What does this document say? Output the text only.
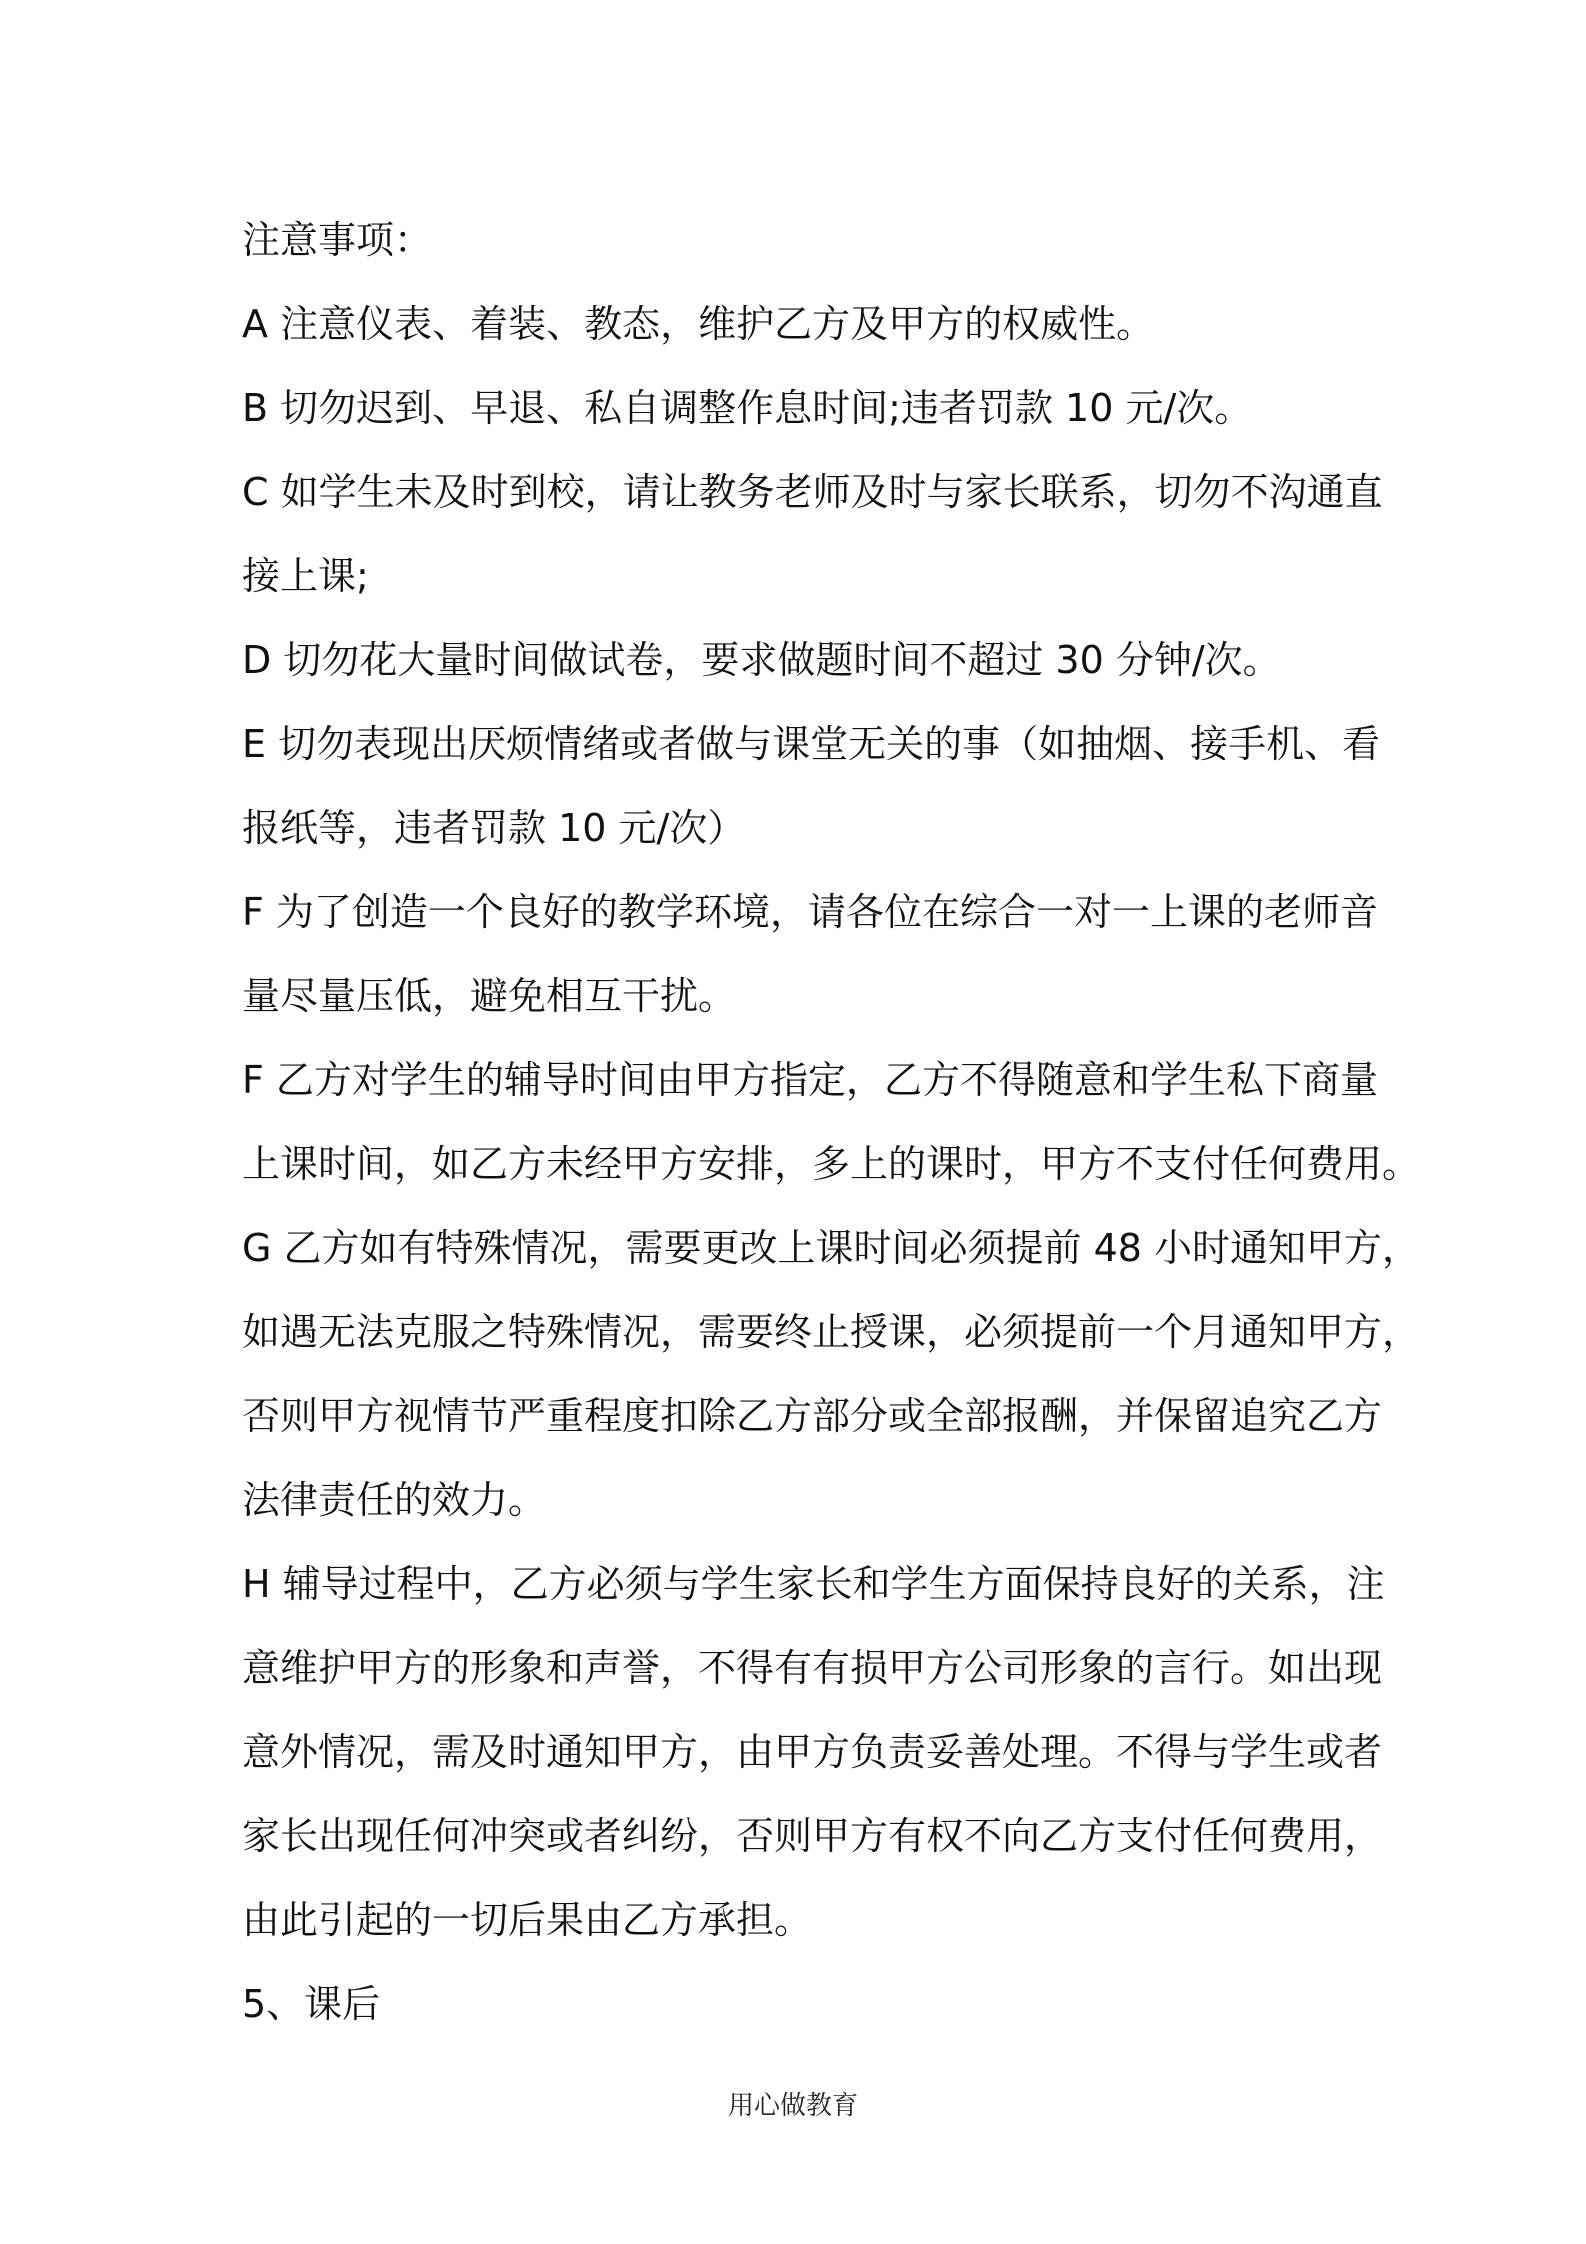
注意事项：
A 注意仪表、着装、教态，维护乙方及甲方的权威性。
B 切勿迟到、早退、私自调整作息时间;违者罚款 10 元/次。
C 如学生未及时到校，请让教务老师及时与家长联系，切勿不沟通直
接上课;
D 切勿花大量时间做试卷，要求做题时间不超过 30 分钟/次。
E 切勿表现出厌烦情绪或者做与课堂无关的事（如抽烟、接手机、看
报纸等，违者罚款 10 元/次）
F 为了创造一个良好的教学环境，请各位在综合一对一上课的老师音
量尽量压低，避免相互干扰。
F 乙方对学生的辅导时间由甲方指定，乙方不得随意和学生私下商量
上课时间，如乙方未经甲方安排，多上的课时，甲方不支付任何费用。
G 乙方如有特殊情况，需要更改上课时间必须提前 48 小时通知甲方，
如遇无法克服之特殊情况，需要终止授课，必须提前一个月通知甲方，
否则甲方视情节严重程度扣除乙方部分或全部报酬，并保留追究乙方
法律责任的效力。
H 辅导过程中，乙方必须与学生家长和学生方面保持良好的关系，注
意维护甲方的形象和声誉，不得有有损甲方公司形象的言行。如出现
意外情况，需及时通知甲方，由甲方负责妥善处理。不得与学生或者
家长出现任何冲突或者纠纷，否则甲方有权不向乙方支付任何费用，
由此引起的一切后果由乙方承担。
5、课后
用心做教育
